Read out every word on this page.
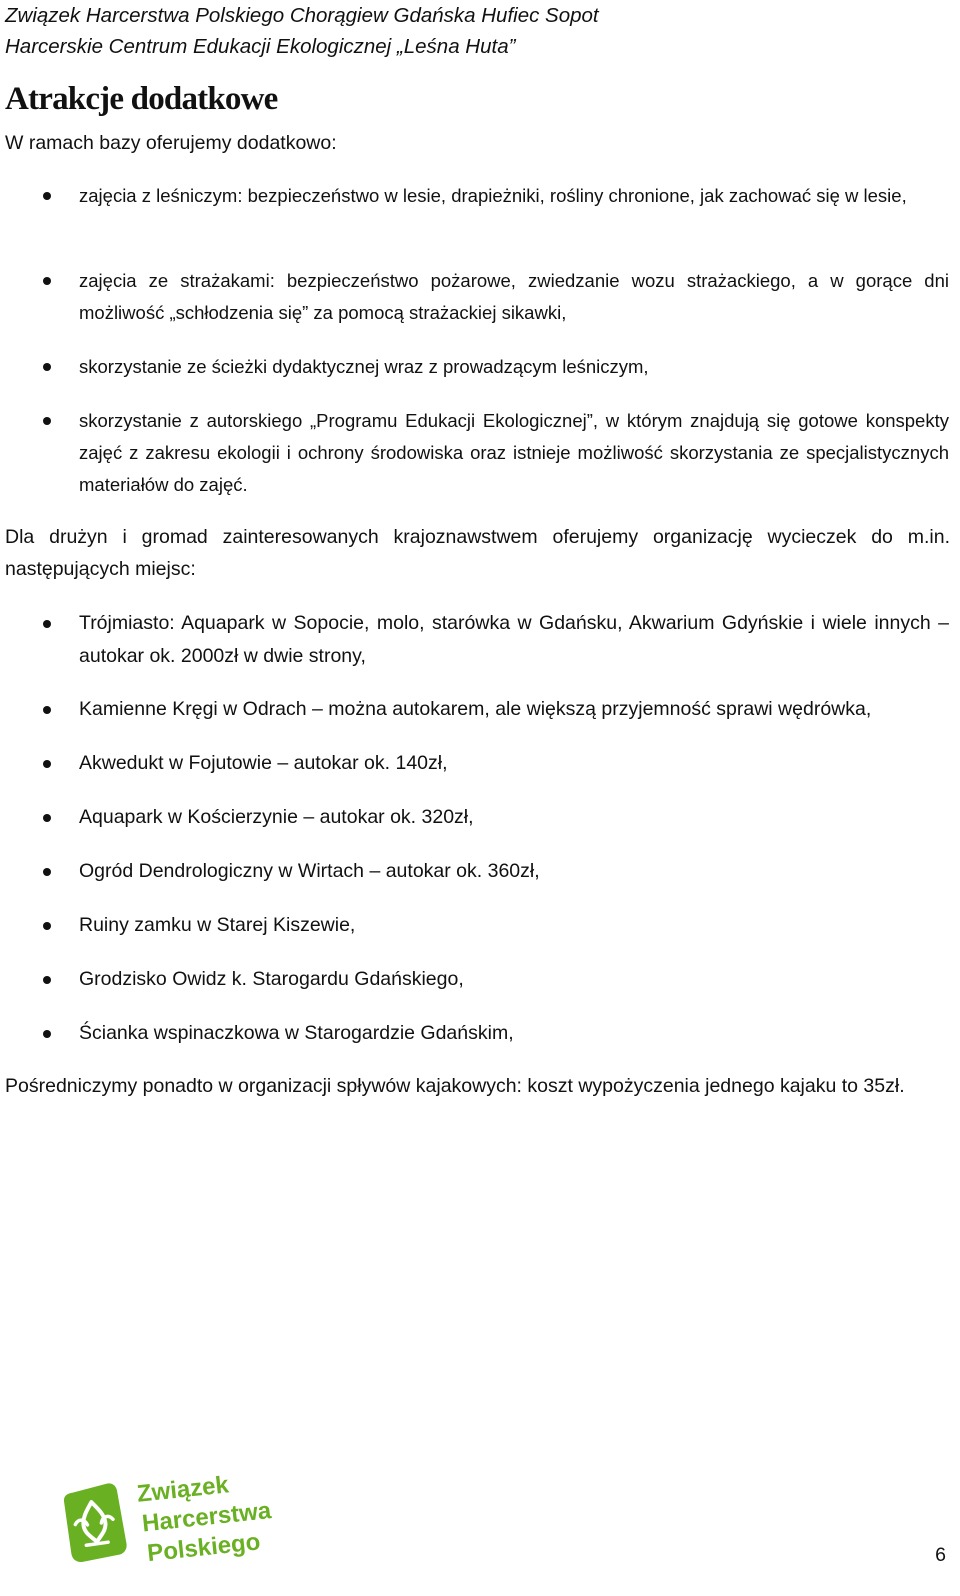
Związek Harcerstwa Polskiego Chorągiew Gdańska Hufiec Sopot
Harcerskie Centrum Edukacji Ekologicznej „Leśna Huta”
Atrakcje dodatkowe

W ramach bazy oferujemy dodatkowo:

zajęcia z leśniczym: bezpieczeństwo w lesie, drapieżniki, rośliny chronione, jak zachować się w lesie,
zajęcia ze strażakami: bezpieczeństwo pożarowe, zwiedzanie wozu strażackiego, a w gorące dni możliwość „schłodzenia się” za pomocą strażackiej sikawki,
skorzystanie ze ścieżki dydaktycznej wraz z prowadzącym leśniczym,
skorzystanie z autorskiego „Programu Edukacji Ekologicznej”, w którym znajdują się gotowe konspekty zajęć z zakresu ekologii i ochrony środowiska oraz istnieje możliwość skorzystania ze specjalistycznych materiałów do zajęć.

Dla drużyn i gromad zainteresowanych krajoznawstwem oferujemy organizację wycieczek do m.in. następujących miejsc:

Trójmiasto: Aquapark w Sopocie, molo, starówka w Gdańsku, Akwarium Gdyńskie i wiele innych – autokar ok. 2000zł w dwie strony,
Kamienne Kręgi w Odrach – można autokarem, ale większą przyjemność sprawi wędrówka,
Akwedukt w Fojutowie – autokar ok. 140zł,
Aquapark w Kościerzynie – autokar ok. 320zł,
Ogród Dendrologiczny w Wirtach – autokar ok. 360zł,
Ruiny zamku w Starej Kiszewie,
Grodzisko Owidz k. Starogardu Gdańskiego,
Ścianka wspinaczkowa w Starogardzie Gdańskim,

Pośredniczymy ponadto w organizacji spływów kajakowych: koszt wypożyczenia jednego kajaku to 35zł.

Związek
Harcerstwa
Polskiego	6
